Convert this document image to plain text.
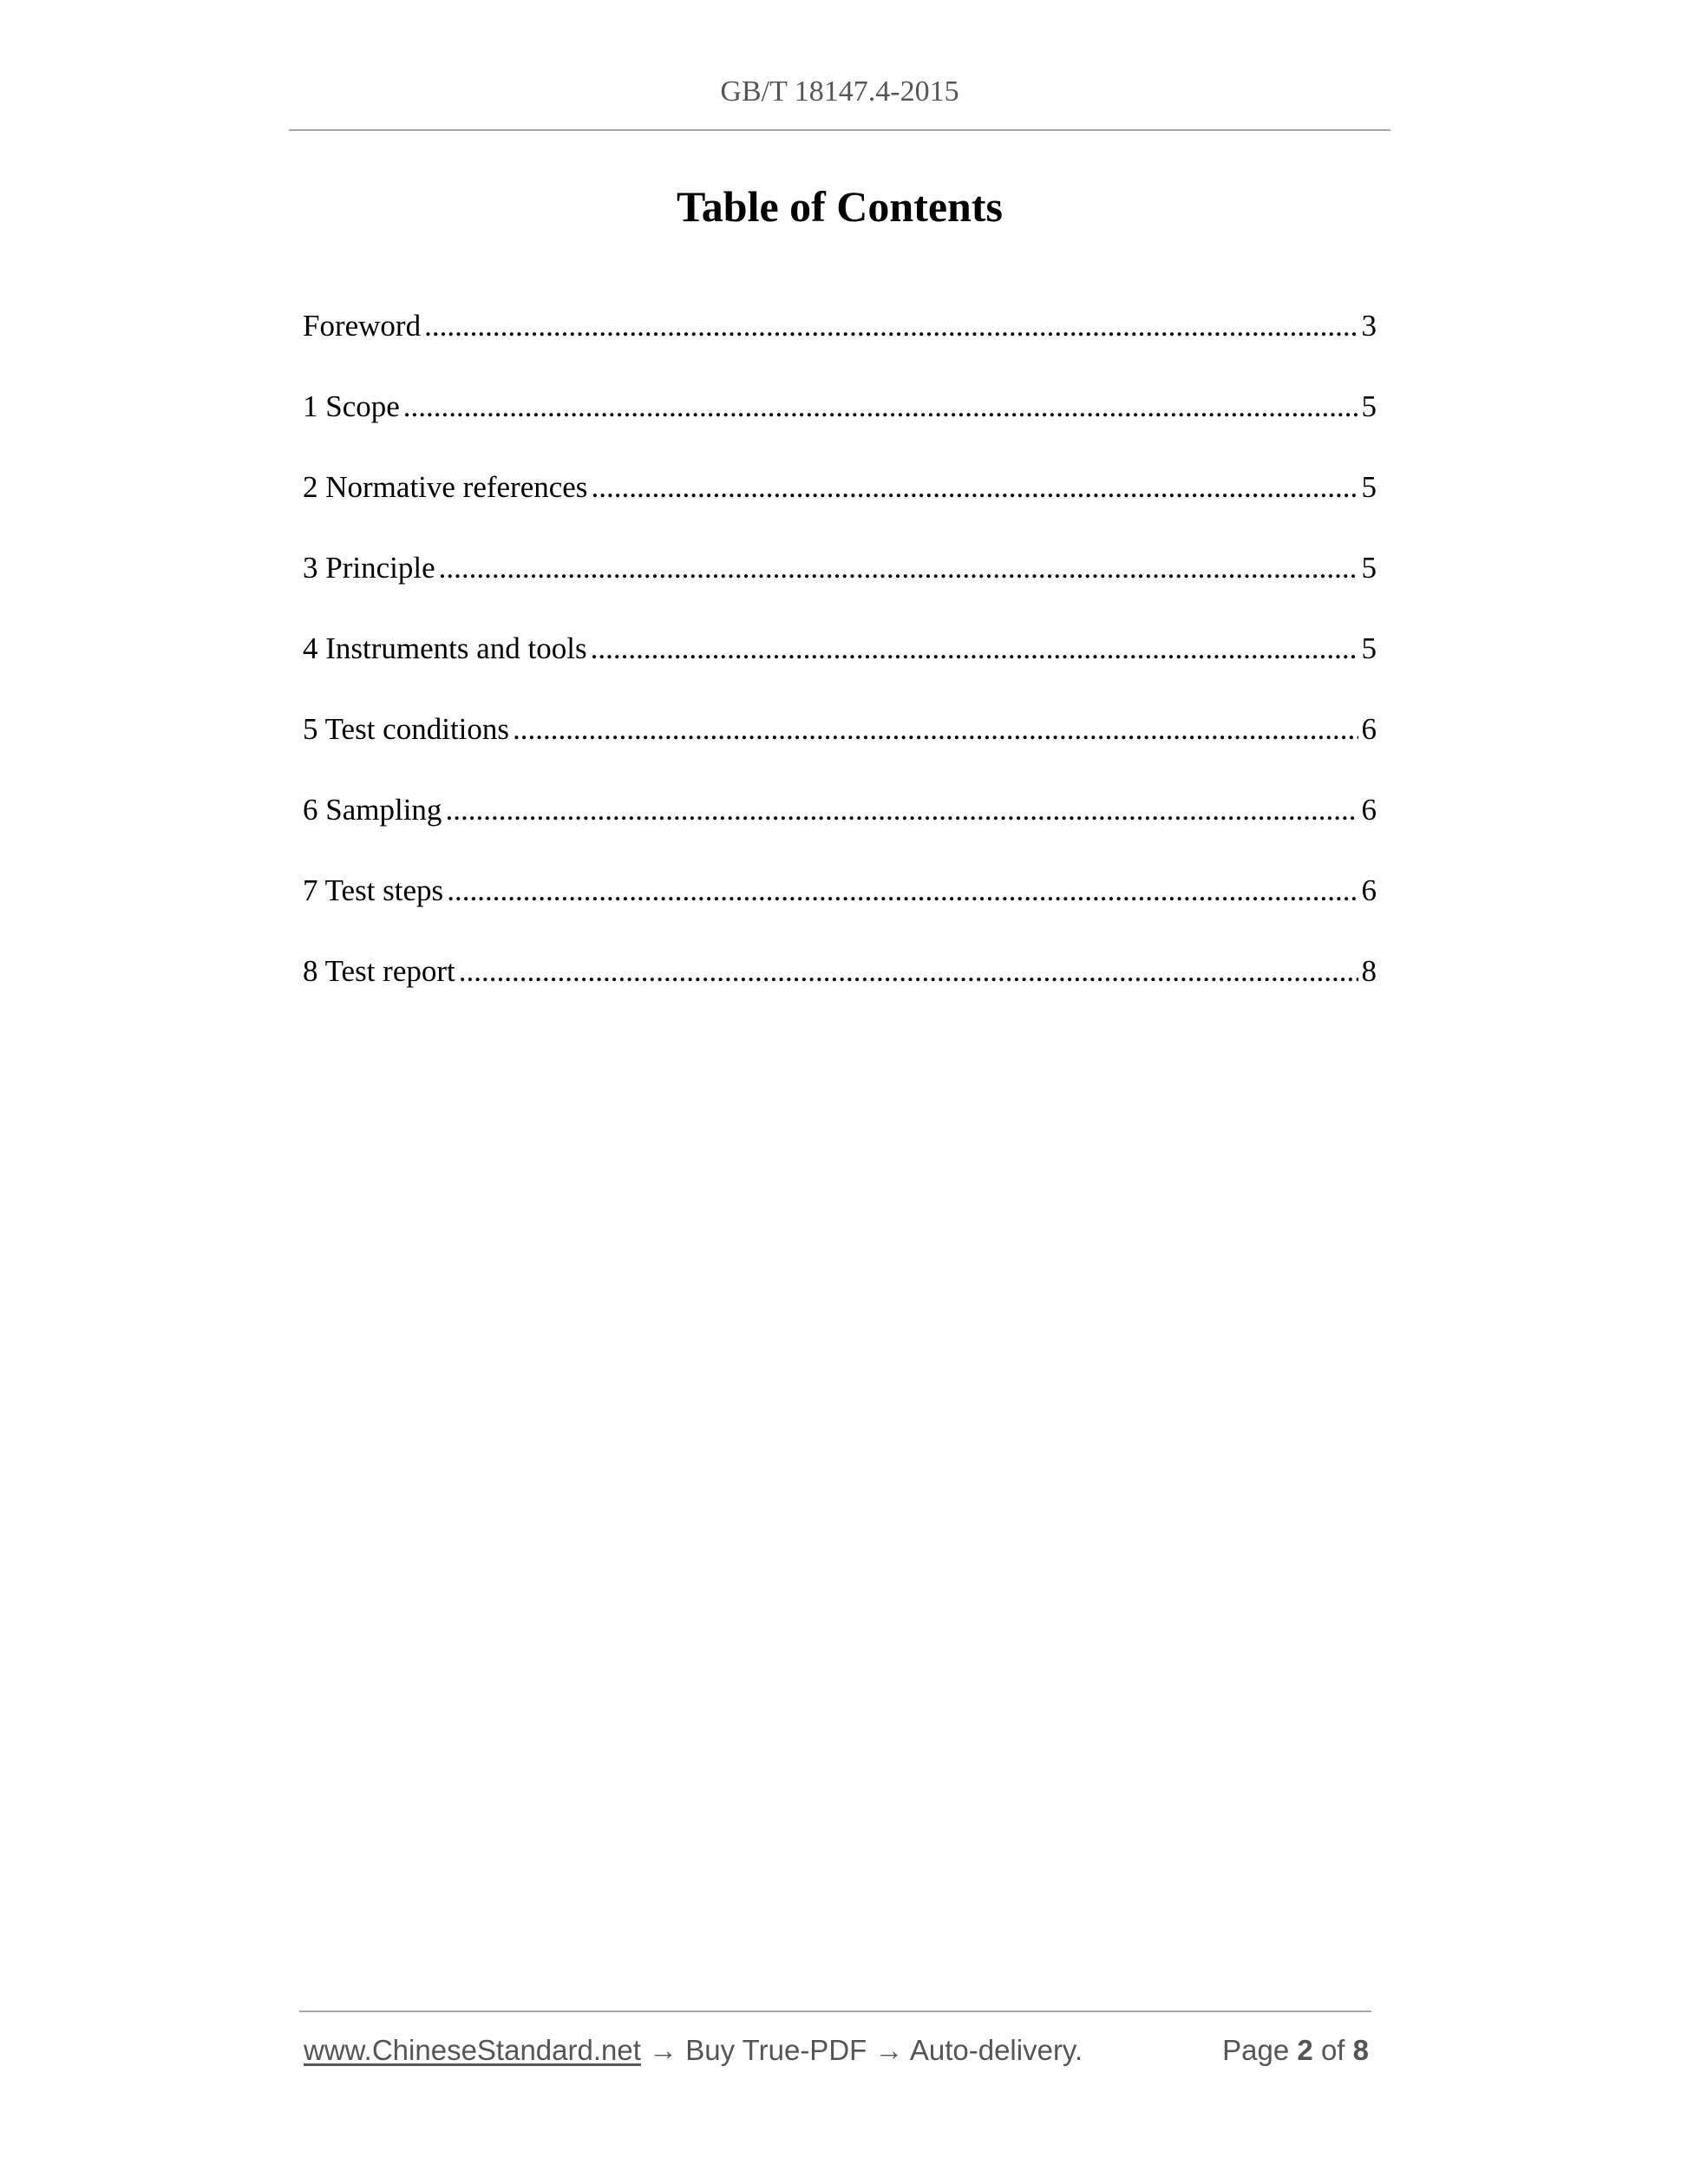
GB/T 18147.4-2015
Table of Contents
Foreword .....	3
1 Scope .....	5
2 Normative references .....	5
3 Principle .....	5
4 Instruments and tools .....	5
5 Test conditions .....	6
6 Sampling .....	6
7 Test steps .....	6
8 Test report .....	8
www.ChineseStandard.net → Buy True-PDF → Auto-delivery.	Page 2 of 8
